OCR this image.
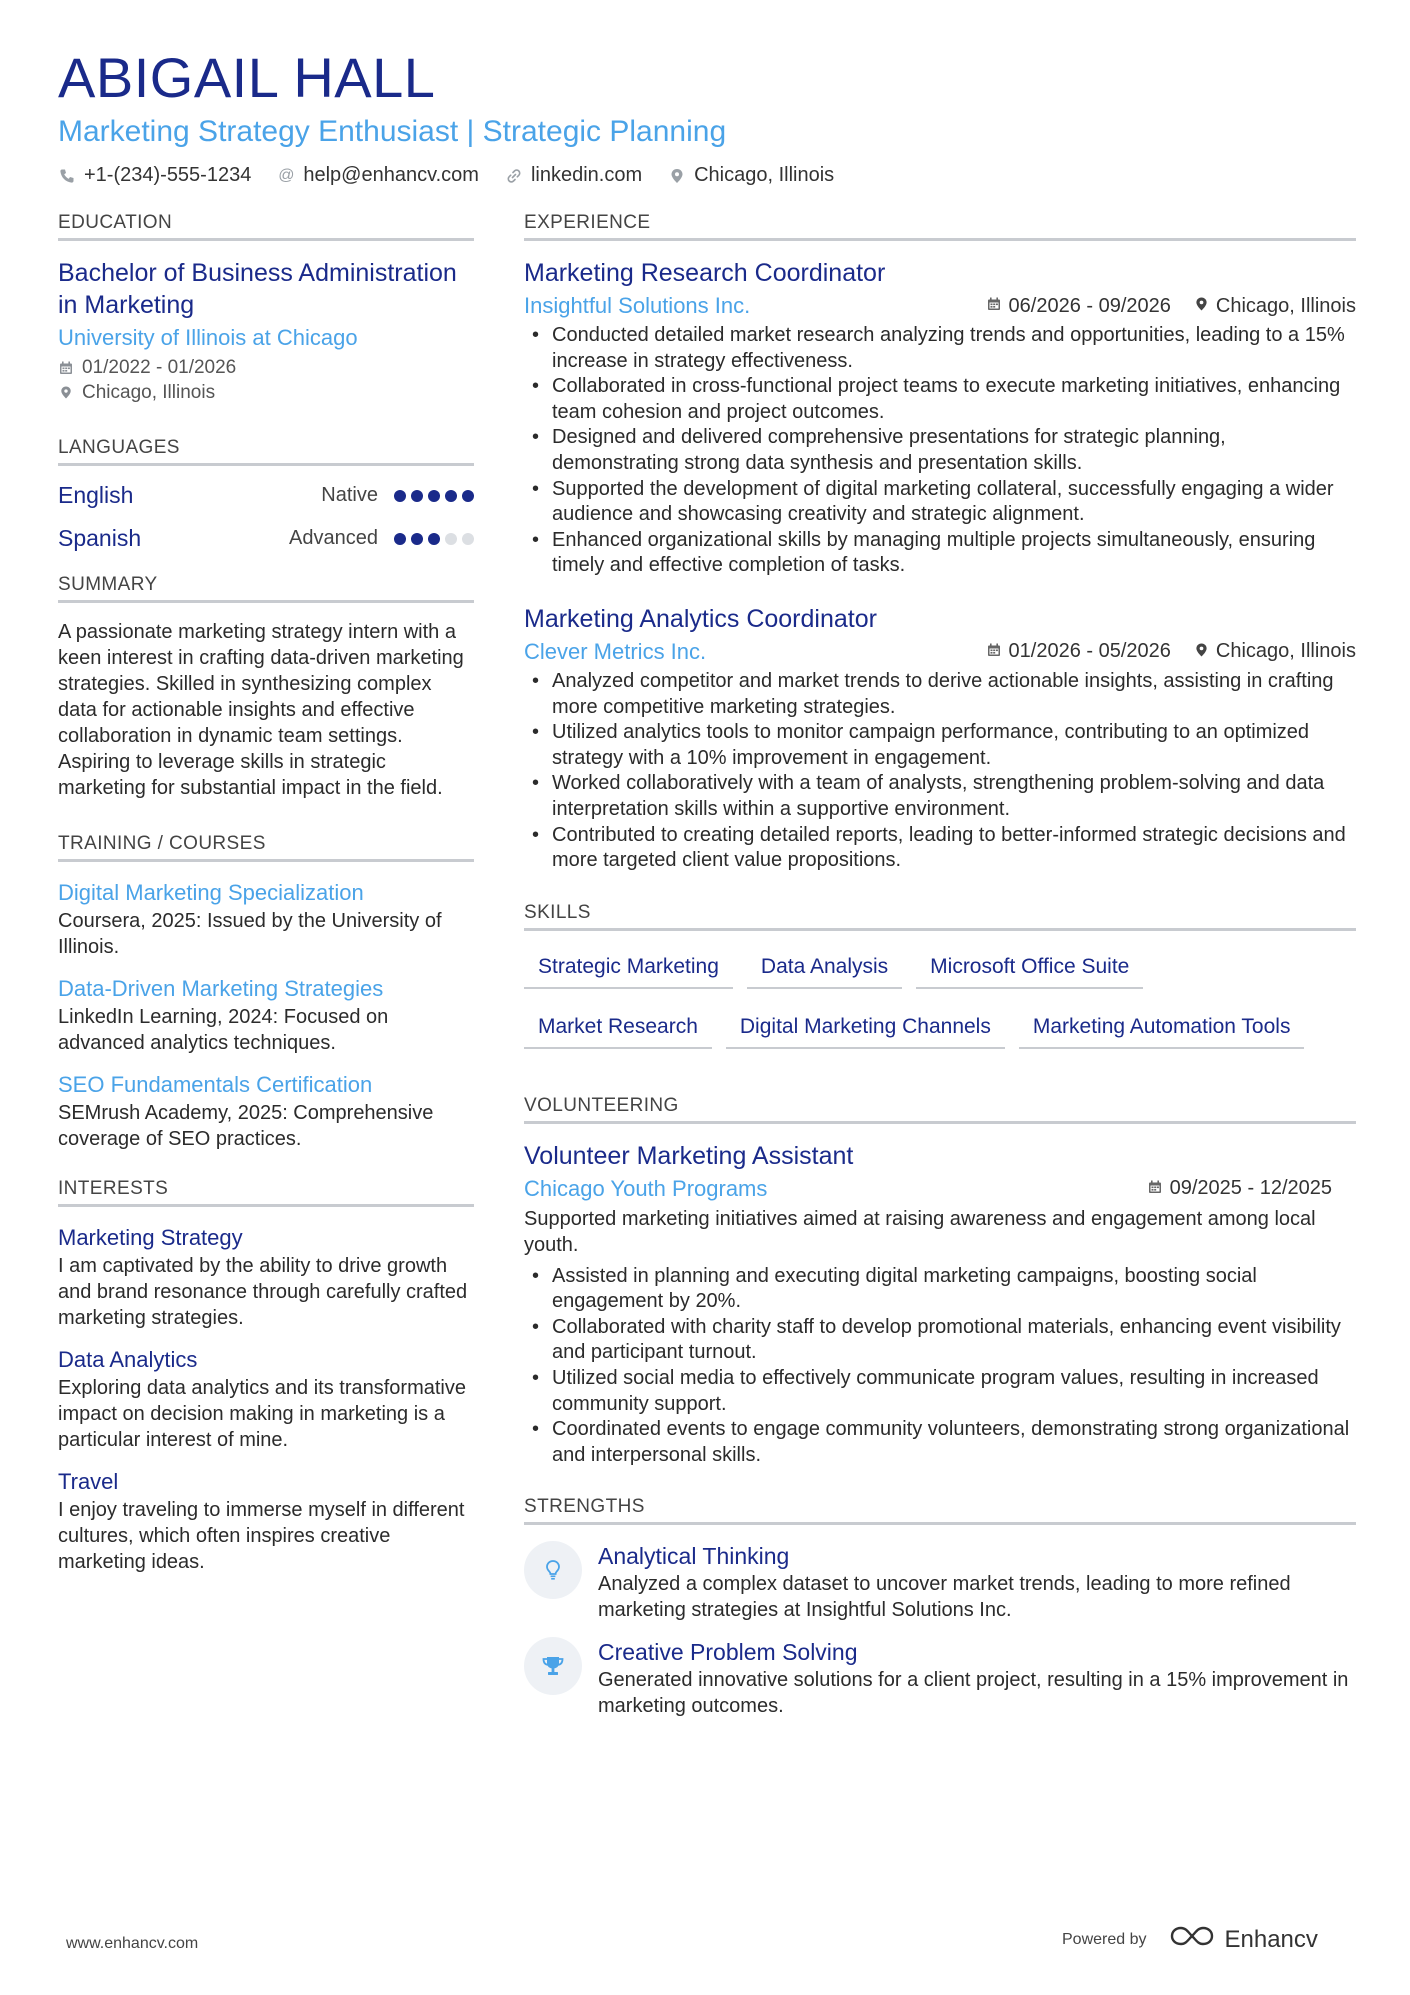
ABIGAIL HALL
Marketing Strategy Enthusiast | Strategic Planning
+1-(234)-555-1234 @ help@enhancv.com	linkedin.com	Chicago, Illinois
EDUCATION
Bachelor of Business Administration in Marketing
University of Illinois at Chicago
01/2022 - 01/2026
Chicago, Illinois
LANGUAGES
English	Native
Spanish	Advanced
SUMMARY
A passionate marketing strategy intern with a keen interest in crafting data-driven marketing strategies. Skilled in synthesizing complex data for actionable insights and effective collaboration in dynamic team settings. Aspiring to leverage skills in strategic marketing for substantial impact in the field.
TRAINING / COURSES
Digital Marketing Specialization
Coursera, 2025: Issued by the University of Illinois.
Data-Driven Marketing Strategies
LinkedIn Learning, 2024: Focused on advanced analytics techniques.
SEO Fundamentals Certification
SEMrush Academy, 2025: Comprehensive coverage of SEO practices.
INTERESTS
Marketing Strategy
I am captivated by the ability to drive growth and brand resonance through carefully crafted marketing strategies.
Data Analytics
Exploring data analytics and its transformative impact on decision making in marketing is a particular interest of mine.
Travel
I enjoy traveling to immerse myself in different cultures, which often inspires creative marketing ideas.
EXPERIENCE
Marketing Research Coordinator
Insightful Solutions Inc.	06/2026 - 09/2026 Chicago, Illinois
• Conducted detailed market research analyzing trends and opportunities, leading to a 15% increase in strategy effectiveness.
• Collaborated in cross-functional project teams to execute marketing initiatives, enhancing team cohesion and project outcomes.
• Designed and delivered comprehensive presentations for strategic planning, demonstrating strong data synthesis and presentation skills.
• Supported the development of digital marketing collateral, successfully engaging a wider audience and showcasing creativity and strategic alignment.
• Enhanced organizational skills by managing multiple projects simultaneously, ensuring timely and effective completion of tasks.
Marketing Analytics Coordinator
Clever Metrics Inc.	01/2026 - 05/2026 Chicago, Illinois
• Analyzed competitor and market trends to derive actionable insights, assisting in crafting more competitive marketing strategies.
• Utilized analytics tools to monitor campaign performance, contributing to an optimized strategy with a 10% improvement in engagement.
• Worked collaboratively with a team of analysts, strengthening problem-solving and data interpretation skills within a supportive environment.
• Contributed to creating detailed reports, leading to better-informed strategic decisions and more targeted client value propositions.
SKILLS
Strategic Marketing	Data Analysis	Microsoft Office Suite
Market Research	Digital Marketing Channels	Marketing Automation Tools
VOLUNTEERING
Volunteer Marketing Assistant
Chicago Youth Programs	09/2025 - 12/2025
Supported marketing initiatives aimed at raising awareness and engagement among local youth.
• Assisted in planning and executing digital marketing campaigns, boosting social engagement by 20%.
• Collaborated with charity staff to develop promotional materials, enhancing event visibility and participant turnout.
• Utilized social media to effectively communicate program values, resulting in increased community support.
• Coordinated events to engage community volunteers, demonstrating strong organizational and interpersonal skills.
STRENGTHS
Analytical Thinking
Analyzed a complex dataset to uncover market trends, leading to more refined marketing strategies at Insightful Solutions Inc.
Creative Problem Solving
Generated innovative solutions for a client project, resulting in a 15% improvement in marketing outcomes.
www.enhancv.com	Powered by	Enhancv
